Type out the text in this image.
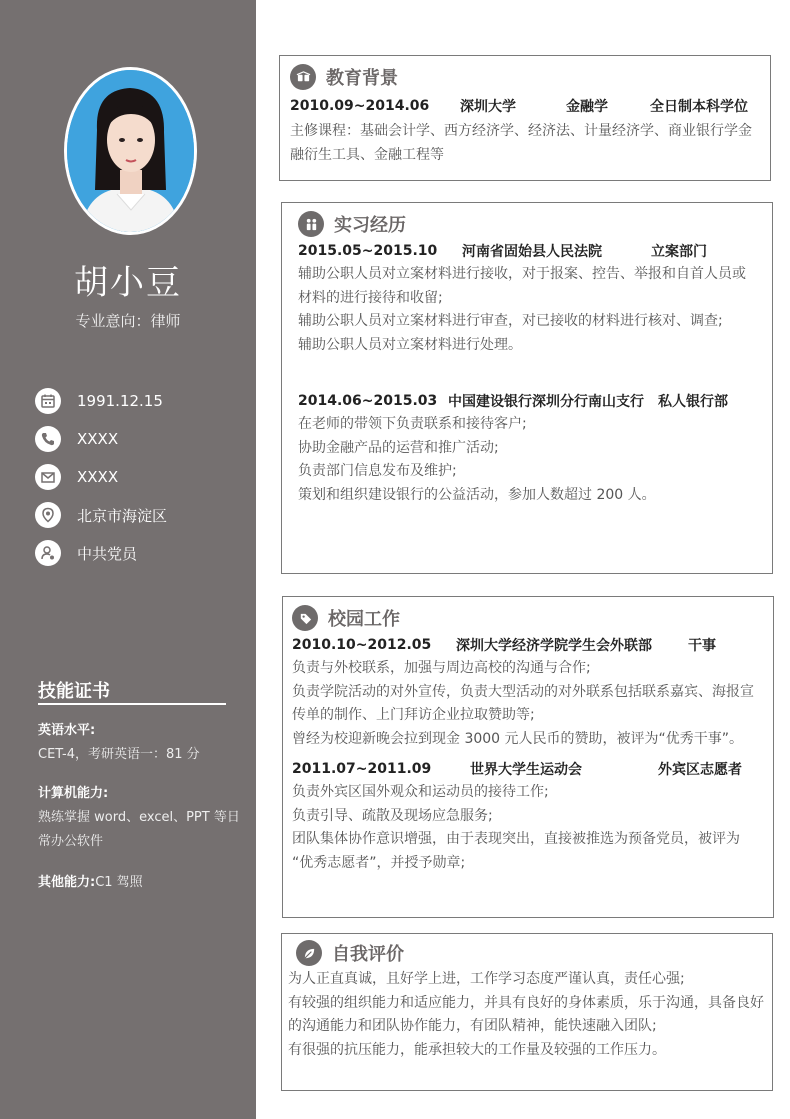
胡小豆
专业意向：律师
1991.12.15
XXXX
XXXX
北京市海淀区
中共党员
技能证书
英语水平:
CET-4，考研英语一：81 分
计算机能力:
熟练掌握 word、excel、PPT 等日常办公软件
其他能力:C1 驾照
教育背景
2010.09~2014.06	深圳大学	金融学	全日制本科学位
主修课程：基础会计学、西方经济学、经济法、计量经济学、商业银行学金
融衍生工具、金融工程等
实习经历
2015.05~2015.10	河南省固始县人民法院	立案部门
辅助公职人员对立案材料进行接收，对于报案、控告、举报和自首人员或
材料的进行接待和收留;
辅助公职人员对立案材料进行审查，对已接收的材料进行核对、调查;
辅助公职人员对立案材料进行处理。
2014.06~2015.03 中国建设银行深圳分行南山支行	私人银行部
在老师的带领下负责联系和接待客户;
协助金融产品的运营和推广活动;
负责部门信息发布及维护;
策划和组织建设银行的公益活动，参加人数超过 200 人。
校园工作
2010.10~2012.05	深圳大学经济学院学生会外联部	干事
负责与外校联系，加强与周边高校的沟通与合作;
负责学院活动的对外宣传，负责大型活动的对外联系包括联系嘉宾、海报宣
传单的制作、上门拜访企业拉取赞助等;
曾经为校迎新晚会拉到现金 3000 元人民币的赞助，被评为“优秀干事”。
2011.07~2011.09	世界大学生运动会	外宾区志愿者
负责外宾区国外观众和运动员的接待工作;
负责引导、疏散及现场应急服务;
团队集体协作意识增强，由于表现突出，直接被推选为预备党员，被评为
“优秀志愿者”，并授予勋章;
自我评价
为人正直真诚，且好学上进，工作学习态度严谨认真，责任心强;
有较强的组织能力和适应能力，并具有良好的身体素质，乐于沟通，具备良好
的沟通能力和团队协作能力，有团队精神，能快速融入团队;
有很强的抗压能力，能承担较大的工作量及较强的工作压力。
